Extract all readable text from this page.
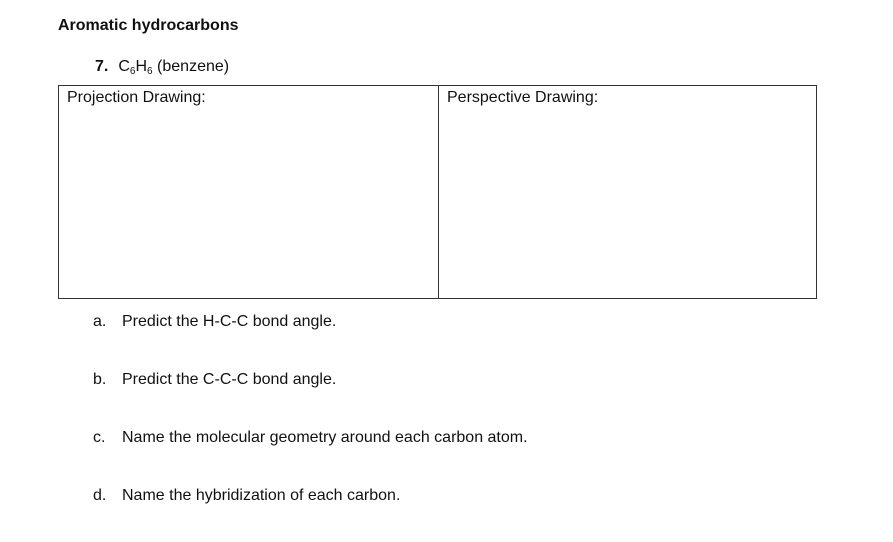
Aromatic hydrocarbons
7. $C_6H_6$ (benzene)
Projection Drawing:	Perspective Drawing:
a. Predict the H-C-C bond angle.
b. Predict the C-C-C bond angle.
c. Name the molecular geometry around each carbon atom.
d. Name the hybridization of each carbon.
